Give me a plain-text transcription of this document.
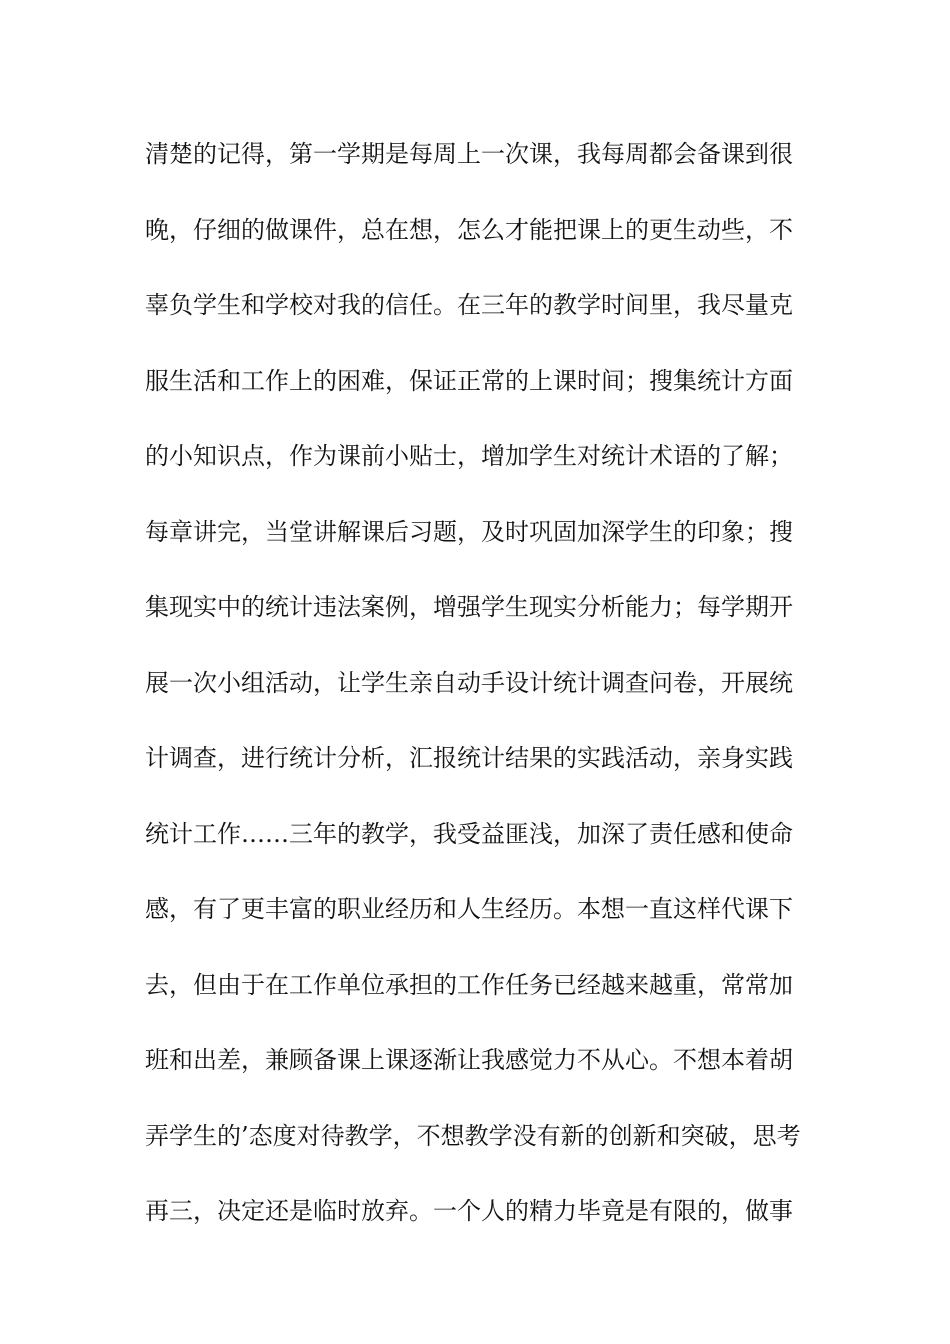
清楚的记得，第一学期是每周上一次课，我每周都会备课到很
晚，仔细的做课件，总在想，怎么才能把课上的更生动些，不
辜负学生和学校对我的信任。在三年的教学时间里，我尽量克
服生活和工作上的困难，保证正常的上课时间；搜集统计方面
的小知识点，作为课前小贴士，增加学生对统计术语的了解；
每章讲完，当堂讲解课后习题，及时巩固加深学生的印象；搜
集现实中的统计违法案例，增强学生现实分析能力；每学期开
展一次小组活动，让学生亲自动手设计统计调查问卷，开展统
计调查，进行统计分析，汇报统计结果的实践活动，亲身实践
统计工作……三年的教学，我受益匪浅，加深了责任感和使命
感，有了更丰富的职业经历和人生经历。本想一直这样代课下
去，但由于在工作单位承担的工作任务已经越来越重，常常加
班和出差，兼顾备课上课逐渐让我感觉力不从心。不想本着胡
弄学生的’态度对待教学，不想教学没有新的创新和突破，思考
再三，决定还是临时放弃。一个人的精力毕竟是有限的，做事
